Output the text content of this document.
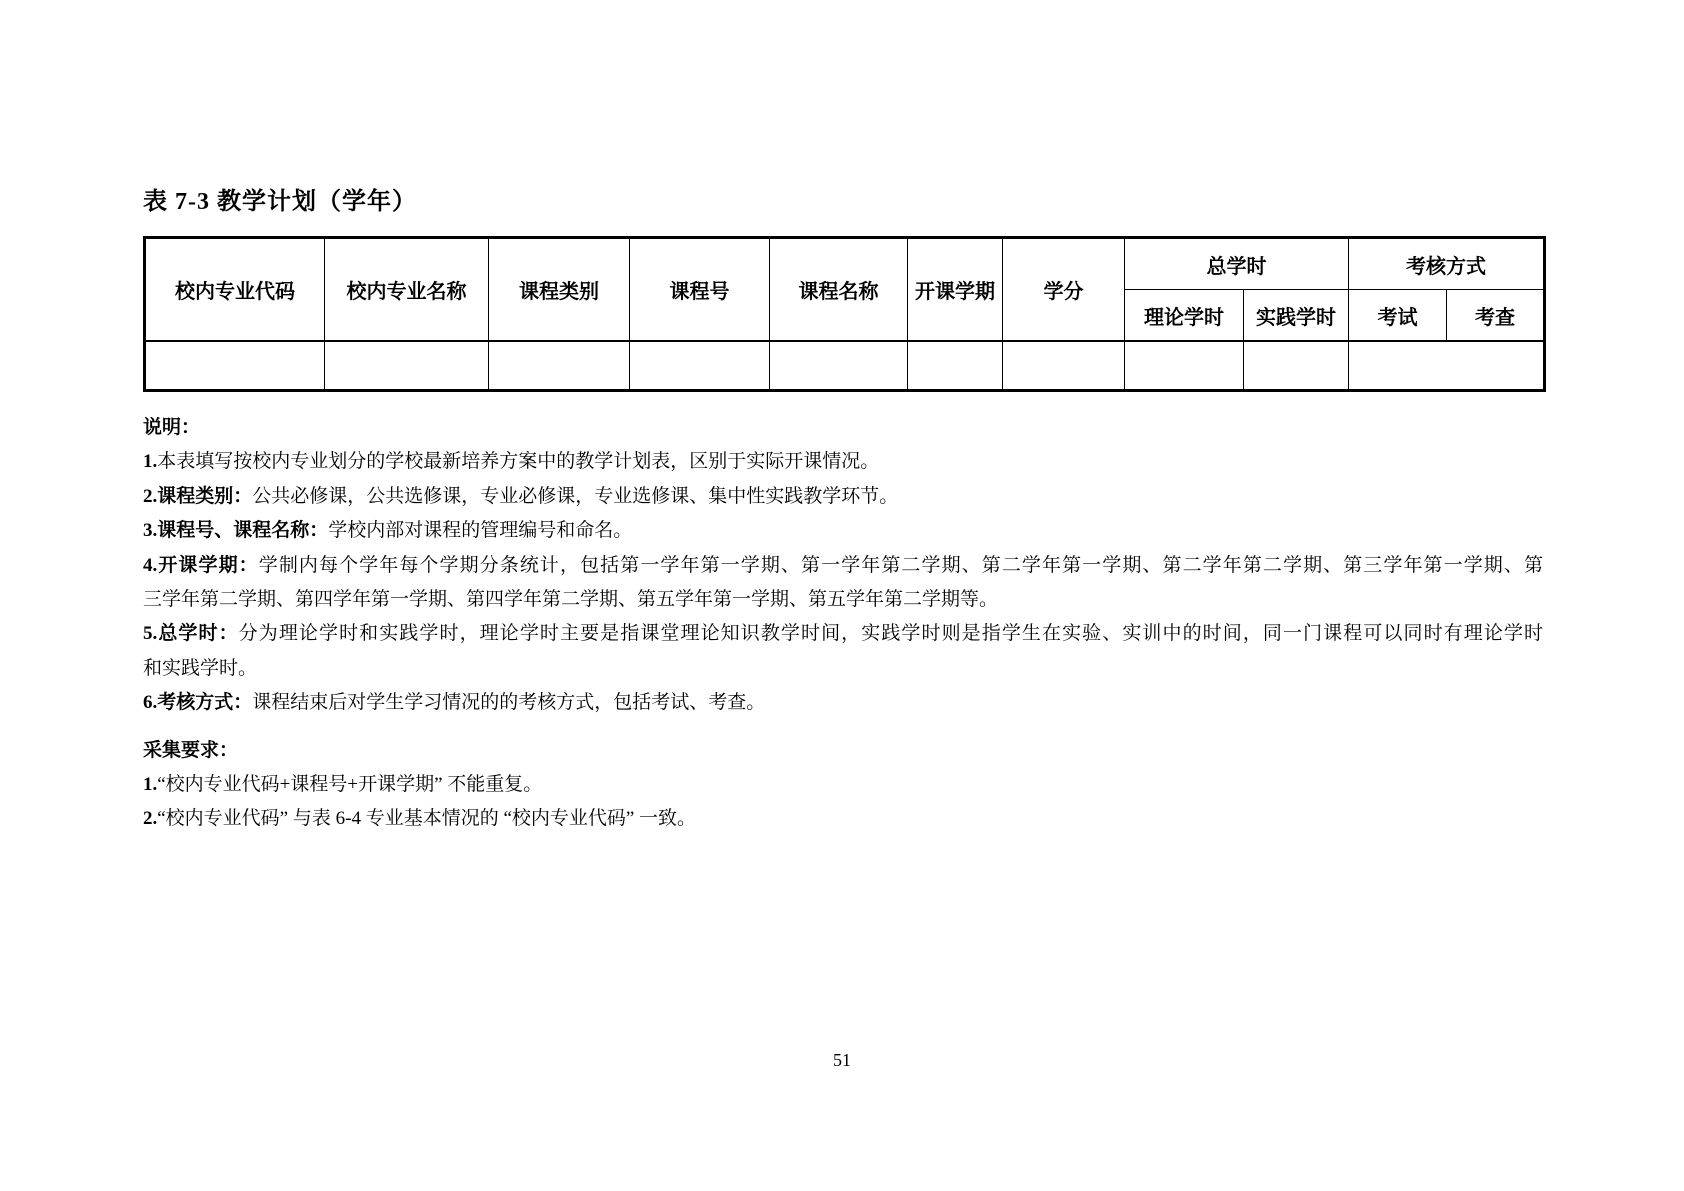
表 7-3 教学计划（学年）
校内专业代码	校内专业名称	课程类别	课程号	课程名称	开课学期	学分	总学时		考核方式	
							理论学时	实践学时	考试	考查

说明：
1.本表填写按校内专业划分的学校最新培养方案中的教学计划表，区别于实际开课情况。
2.课程类别：公共必修课，公共选修课，专业必修课，专业选修课、集中性实践教学环节。
3.课程号、课程名称：学校内部对课程的管理编号和命名。
4.开课学期：学制内每个学年每个学期分条统计，包括第一学年第一学期、第一学年第二学期、第二学年第一学期、第二学年第二学期、第三学年第一学期、第
三学年第二学期、第四学年第一学期、第四学年第二学期、第五学年第一学期、第五学年第二学期等。
5.总学时：分为理论学时和实践学时，理论学时主要是指课堂理论知识教学时间，实践学时则是指学生在实验、实训中的时间，同一门课程可以同时有理论学时
和实践学时。
6.考核方式：课程结束后对学生学习情况的的考核方式，包括考试、考查。
采集要求：
1.“校内专业代码+课程号+开课学期” 不能重复。
2.“校内专业代码” 与表 6-4 专业基本情况的 “校内专业代码” 一致。
51
